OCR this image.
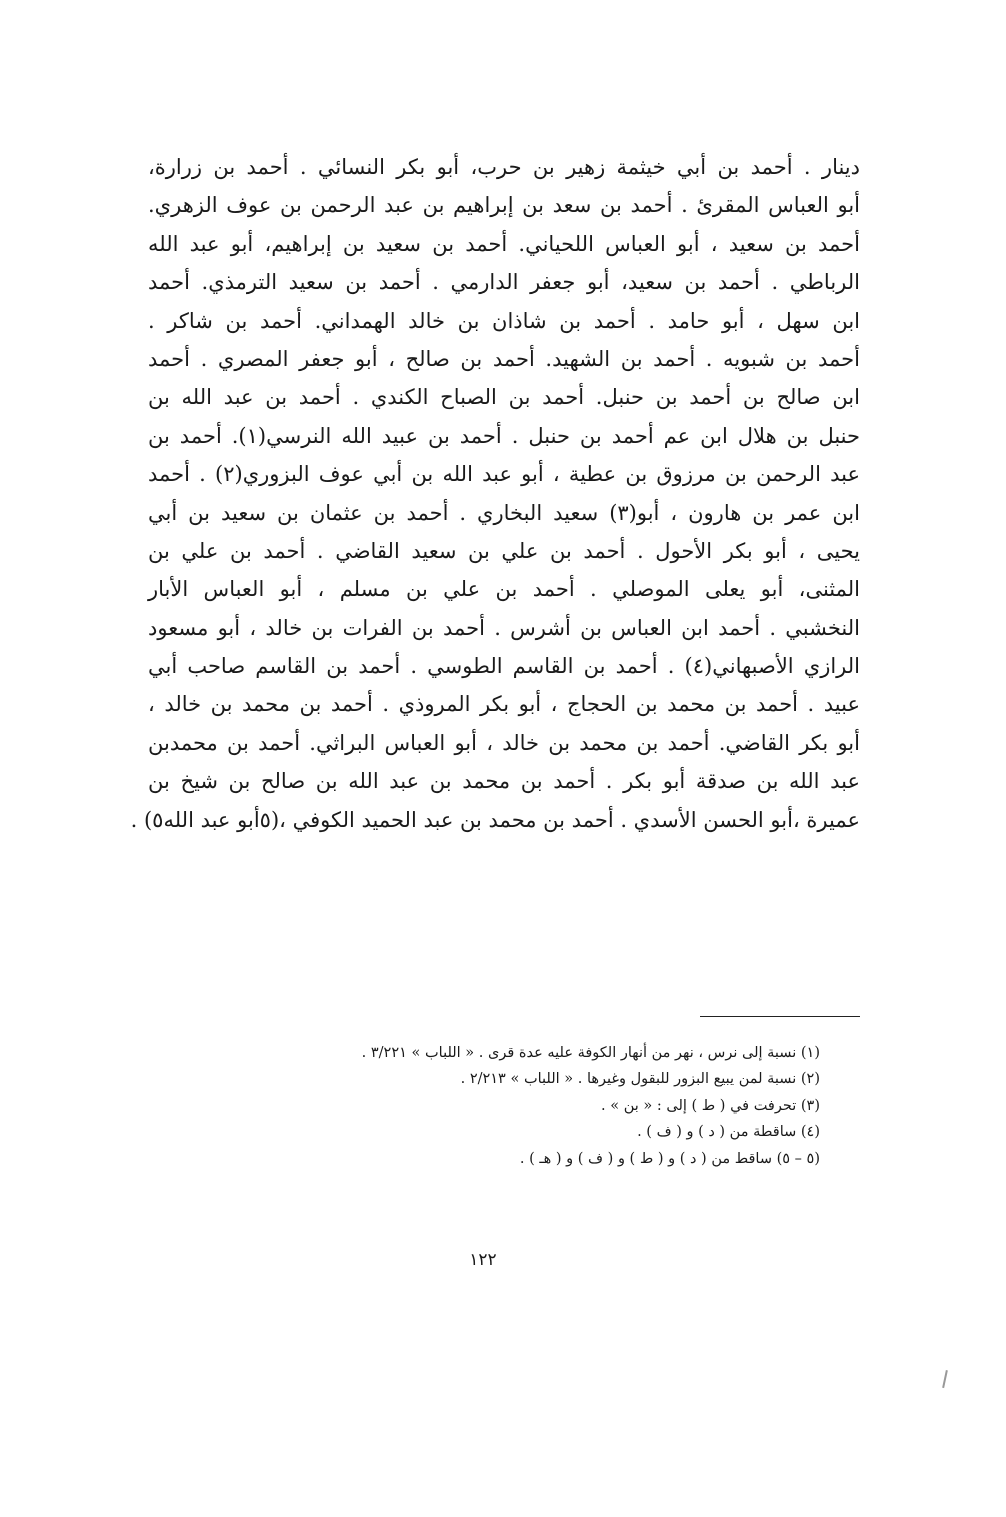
دينار . أحمد بن أبي خيثمة زهير بن حرب، أبو بكر النسائي . أحمد بن زرارة،
أبو العباس المقرئ . أحمد بن سعد بن إبراهيم بن عبد الرحمن بن عوف الزهري.
أحمد بن سعيد ، أبو العباس اللحياني. أحمد بن سعيد بن إبراهيم، أبو عبد الله
الرباطي . أحمد بن سعيد، أبو جعفر الدارمي . أحمد بن سعيد الترمذي. أحمد
ابن سهل ، أبو حامد . أحمد بن شاذان بن خالد الهمداني. أحمد بن شاكر .
أحمد بن شبويه . أحمد بن الشهيد. أحمد بن صالح ، أبو جعفر المصري . أحمد
ابن صالح بن أحمد بن حنبل. أحمد بن الصباح الكندي . أحمد بن عبد الله بن
حنبل بن هلال ابن عم أحمد بن حنبل . أحمد بن عبيد الله النرسي(١). أحمد بن
عبد الرحمن بن مرزوق بن عطية ، أبو عبد الله بن أبي عوف البزوري(٢) . أحمد
ابن عمر بن هارون ، أبو(٣) سعيد البخاري . أحمد بن عثمان بن سعيد بن أبي
يحيى ، أبو بكر الأحول . أحمد بن علي بن سعيد القاضي . أحمد بن علي بن
المثنى، أبو يعلى الموصلي . أحمد بن علي بن مسلم ، أبو العباس الأبار
النخشبي . أحمد ابن العباس بن أشرس . أحمد بن الفرات بن خالد ، أبو مسعود
الرازي الأصبهاني(٤) . أحمد بن القاسم الطوسي . أحمد بن القاسم صاحب أبي
عبيد . أحمد بن محمد بن الحجاج ، أبو بكر المروذي . أحمد بن محمد بن خالد ،
أبو بكر القاضي. أحمد بن محمد بن خالد ، أبو العباس البراثي. أحمد بن محمدبن
عبد الله بن صدقة أبو بكر . أحمد بن محمد بن عبد الله بن صالح بن شيخ بن
عميرة ،أبو الحسن الأسدي . أحمد بن محمد بن عبد الحميد الكوفي ،(٥أبو عبد الله٥) .
(١) نسبة إلى نرس ، نهر من أنهار الكوفة عليه عدة قرى . « اللباب » ٣/٢٢١ .
(٢) نسبة لمن يبيع البزور للبقول وغيرها . « اللباب » ٢/٢١٣ .
(٣) تحرفت في ( ط ) إلى : « بن » .
(٤) ساقطة من ( د ) و ( ف ) .
(٥ – ٥) ساقط من ( د ) و ( ط ) و ( ف ) و ( هـ ) .
١٢٢
